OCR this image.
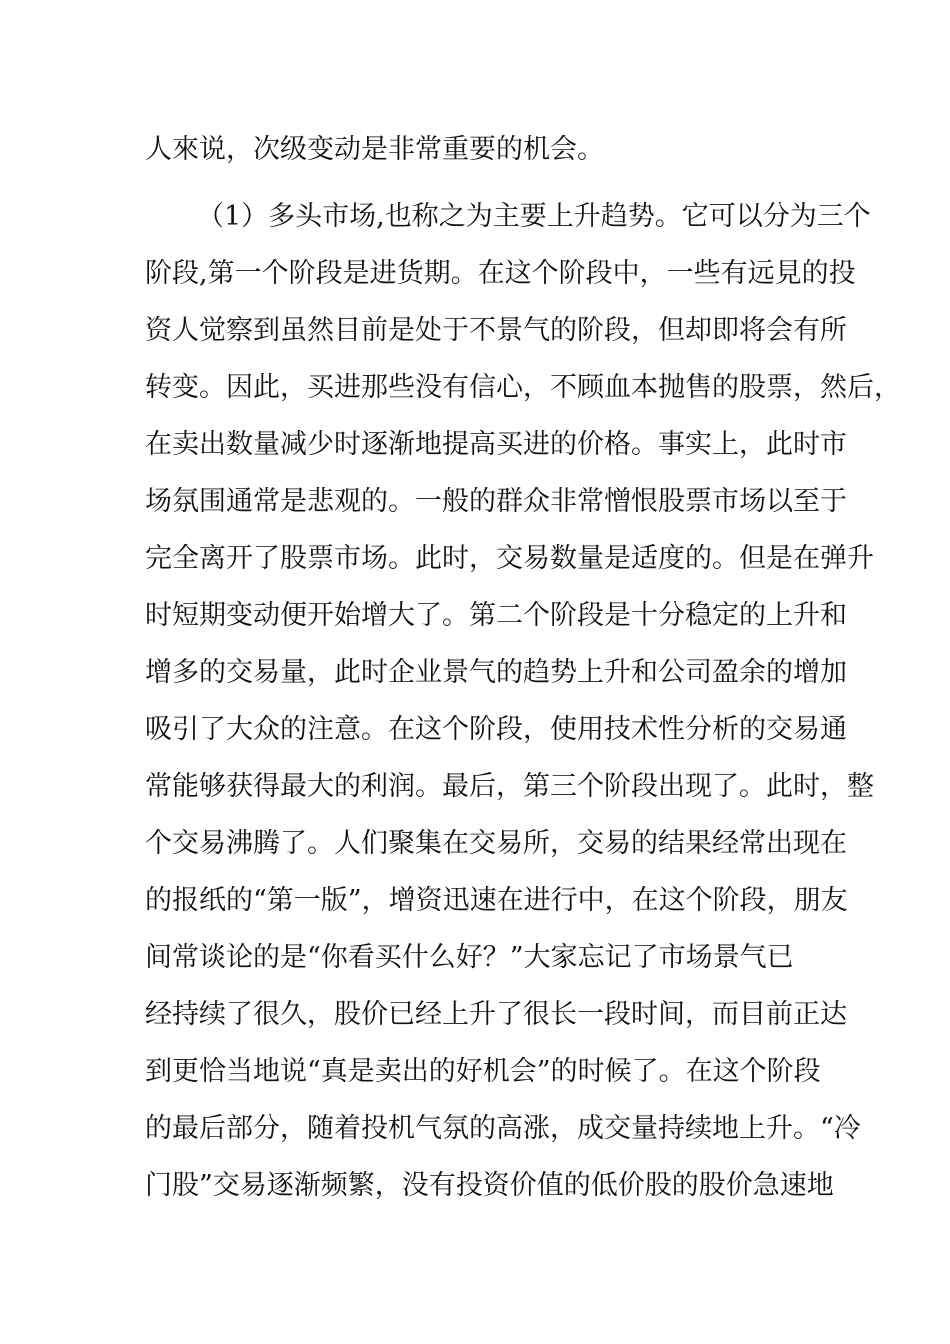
人來说，次级变动是非常重要的机会。
（1）多头市场,也称之为主要上升趋势。它可以分为三个
阶段,第一个阶段是进货期。在这个阶段中，一些有远見的投
资人觉察到虽然目前是处于不景气的阶段，但却即将会有所
转变。因此，买进那些没有信心，不顾血本抛售的股票，然后，
在卖出数量减少时逐渐地提高买进的价格。事实上，此时市
场氛围通常是悲观的。一般的群众非常憎恨股票市场以至于
完全离开了股票市场。此时，交易数量是适度的。但是在弹升
时短期变动便开始增大了。第二个阶段是十分稳定的上升和
增多的交易量，此时企业景气的趋势上升和公司盈余的增加
吸引了大众的注意。在这个阶段，使用技术性分析的交易通
常能够获得最大的利润。最后，第三个阶段出现了。此时，整
个交易沸腾了。人们聚集在交易所，交易的结果经常出现在
的报纸的“第一版”，增资迅速在进行中，在这个阶段，朋友
间常谈论的是“你看买什么好？”大家忘记了市场景气已
经持续了很久，股价已经上升了很长一段时间，而目前正达
到更恰当地说“真是卖出的好机会”的时候了。在这个阶段
的最后部分，随着投机气氛的高涨，成交量持续地上升。“冷
门股”交易逐渐频繁，没有投资价值的低价股的股价急速地
